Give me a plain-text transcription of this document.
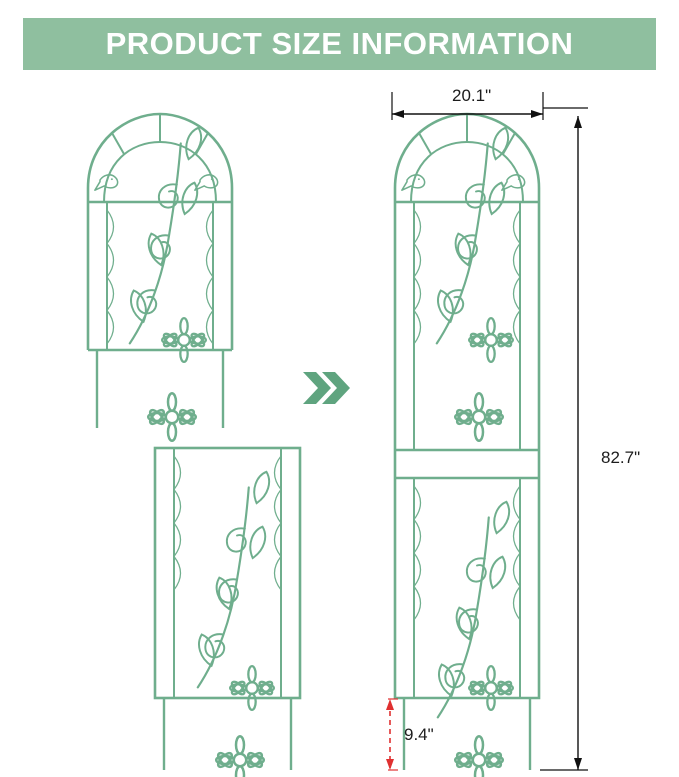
PRODUCT SIZE INFORMATION
20.1"
82.7"
9.4"
